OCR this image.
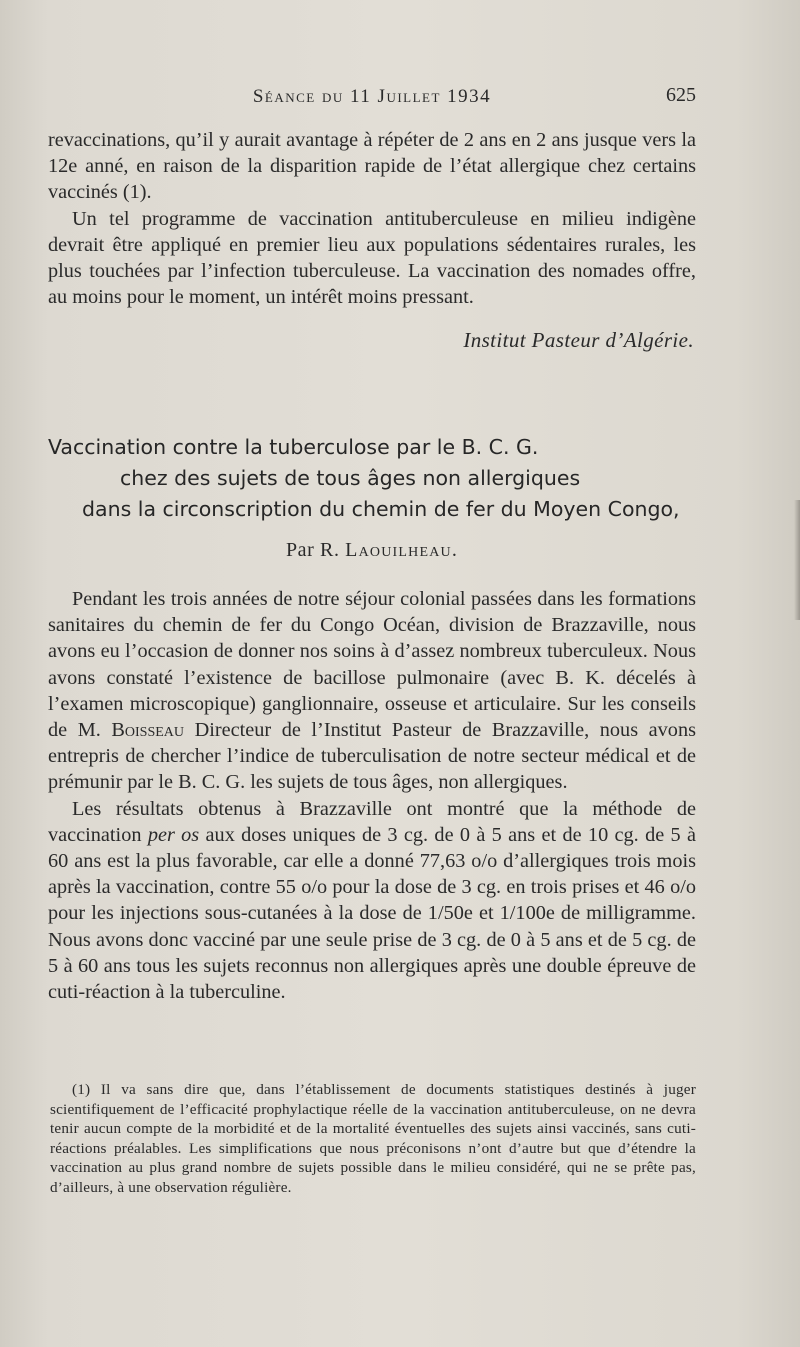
Séance du 11 Juillet 1934	625

revaccinations, qu’il y aurait avantage à répéter de 2 ans en 2 ans jusque vers la 12e anné, en raison de la disparition rapide de l’état allergique chez certains vaccinés (1).

Un tel programme de vaccination antituberculeuse en milieu indigène devrait être appliqué en premier lieu aux populations sédentaires rurales, les plus touchées par l’infection tuberculeuse. La vaccination des nomades offre, au moins pour le moment, un intérêt moins pressant.

Institut Pasteur d’Algérie.
Vaccination contre la tuberculose par le B. C. G.
chez des sujets de tous âges non allergiques
dans la circonscription du chemin de fer du Moyen Congo,
Par R. Laouilheau.

Pendant les trois années de notre séjour colonial passées dans les formations sanitaires du chemin de fer du Congo Océan, division de Brazzaville, nous avons eu l’occasion de donner nos soins à d’assez nombreux tuberculeux. Nous avons constaté l’existence de bacillose pulmonaire (avec B. K. décelés à l’examen microscopique) ganglionnaire, osseuse et articulaire. Sur les conseils de M. Boisseau Directeur de l’Institut Pasteur de Brazzaville, nous avons entrepris de chercher l’indice de tuberculisation de notre secteur médical et de prémunir par le B. C. G. les sujets de tous âges, non allergiques.

Les résultats obtenus à Brazzaville ont montré que la méthode de vaccination per os aux doses uniques de 3 cg. de 0 à 5 ans et de 10 cg. de 5 à 60 ans est la plus favorable, car elle a donné 77,63 o/o d’allergiques trois mois après la vaccination, contre 55 o/o pour la dose de 3 cg. en trois prises et 46 o/o pour les injections sous-cutanées à la dose de 1/50e et 1/100e de milligramme. Nous avons donc vacciné par une seule prise de 3 cg. de 0 à 5 ans et de 5 cg. de 5 à 60 ans tous les sujets reconnus non allergiques après une double épreuve de cuti-réaction à la tuberculine.

(1) Il va sans dire que, dans l’établissement de documents statistiques destinés à juger scientifiquement de l’efficacité prophylactique réelle de la vaccination antituberculeuse, on ne devra tenir aucun compte de la morbidité et de la mortalité éventuelles des sujets ainsi vaccinés, sans cuti-réactions préalables. Les simplifications que nous préconisons n’ont d’autre but que d’étendre la vaccination au plus grand nombre de sujets possible dans le milieu considéré, qui ne se prête pas, d’ailleurs, à une observation régulière.
